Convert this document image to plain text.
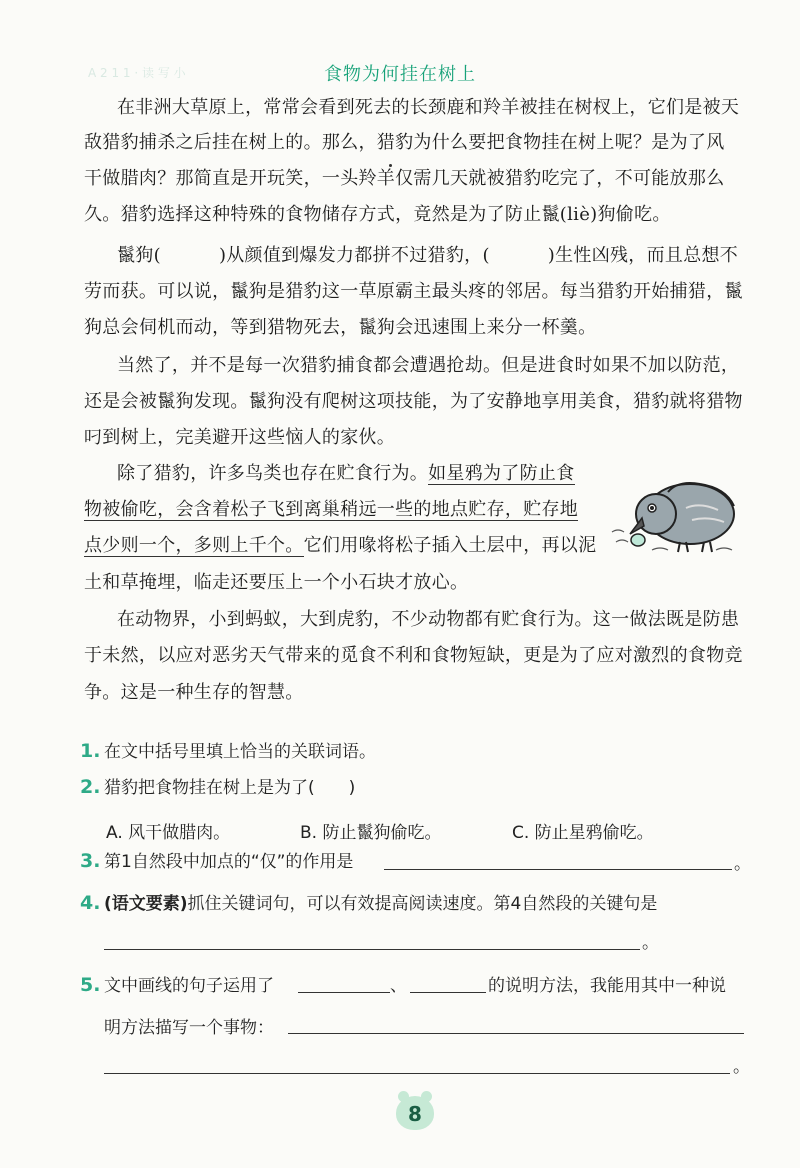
A 2 1 1 · 读 写 小	食物为何挂在树上
在非洲大草原上，常常会看到死去的长颈鹿和羚羊被挂在树杈上，它们是被天
敌猎豹捕杀之后挂在树上的。那么，猎豹为什么要把食物挂在树上呢？是为了风
干做腊肉？那简直是开玩笑，一头羚羊仅需几天就被猎豹吃完了，不可能放那么
久。猎豹选择这种特殊的食物储存方式，竟然是为了防止鬣(liè)狗偷吃。
鬣狗(	)从颜值到爆发力都拼不过猎豹，(	)生性凶残，而且总想不
劳而获。可以说，鬣狗是猎豹这一草原霸主最头疼的邻居。每当猎豹开始捕猎，鬣
狗总会伺机而动，等到猎物死去，鬣狗会迅速围上来分一杯羹。
当然了，并不是每一次猎豹捕食都会遭遇抢劫。但是进食时如果不加以防范，
还是会被鬣狗发现。鬣狗没有爬树这项技能，为了安静地享用美食，猎豹就将猎物
叼到树上，完美避开这些恼人的家伙。
除了猎豹，许多鸟类也存在贮食行为。如星鸦为了防止食
物被偷吃，会含着松子飞到离巢稍远一些的地点贮存，贮存地
点少则一个，多则上千个。它们用喙将松子插入土层中，再以泥
土和草掩埋，临走还要压上一个小石块才放心。
在动物界，小到蚂蚁，大到虎豹，不少动物都有贮食行为。这一做法既是防患
于未然，以应对恶劣天气带来的觅食不利和食物短缺，更是为了应对激烈的食物竞
争。这是一种生存的智慧。
1. 在文中括号里填上恰当的关联词语。
2. 猎豹把食物挂在树上是为了(　　)
A. 风干做腊肉。	B. 防止鬣狗偷吃。	C. 防止星鸦偷吃。
3. 第1自然段中加点的“仅”的作用是	。
4. (语文要素)抓住关键词句，可以有效提高阅读速度。第4自然段的关键句是
。
5. 文中画线的句子运用了	、	的说明方法，我能用其中一种说
明方法描写一个事物：
。
8
